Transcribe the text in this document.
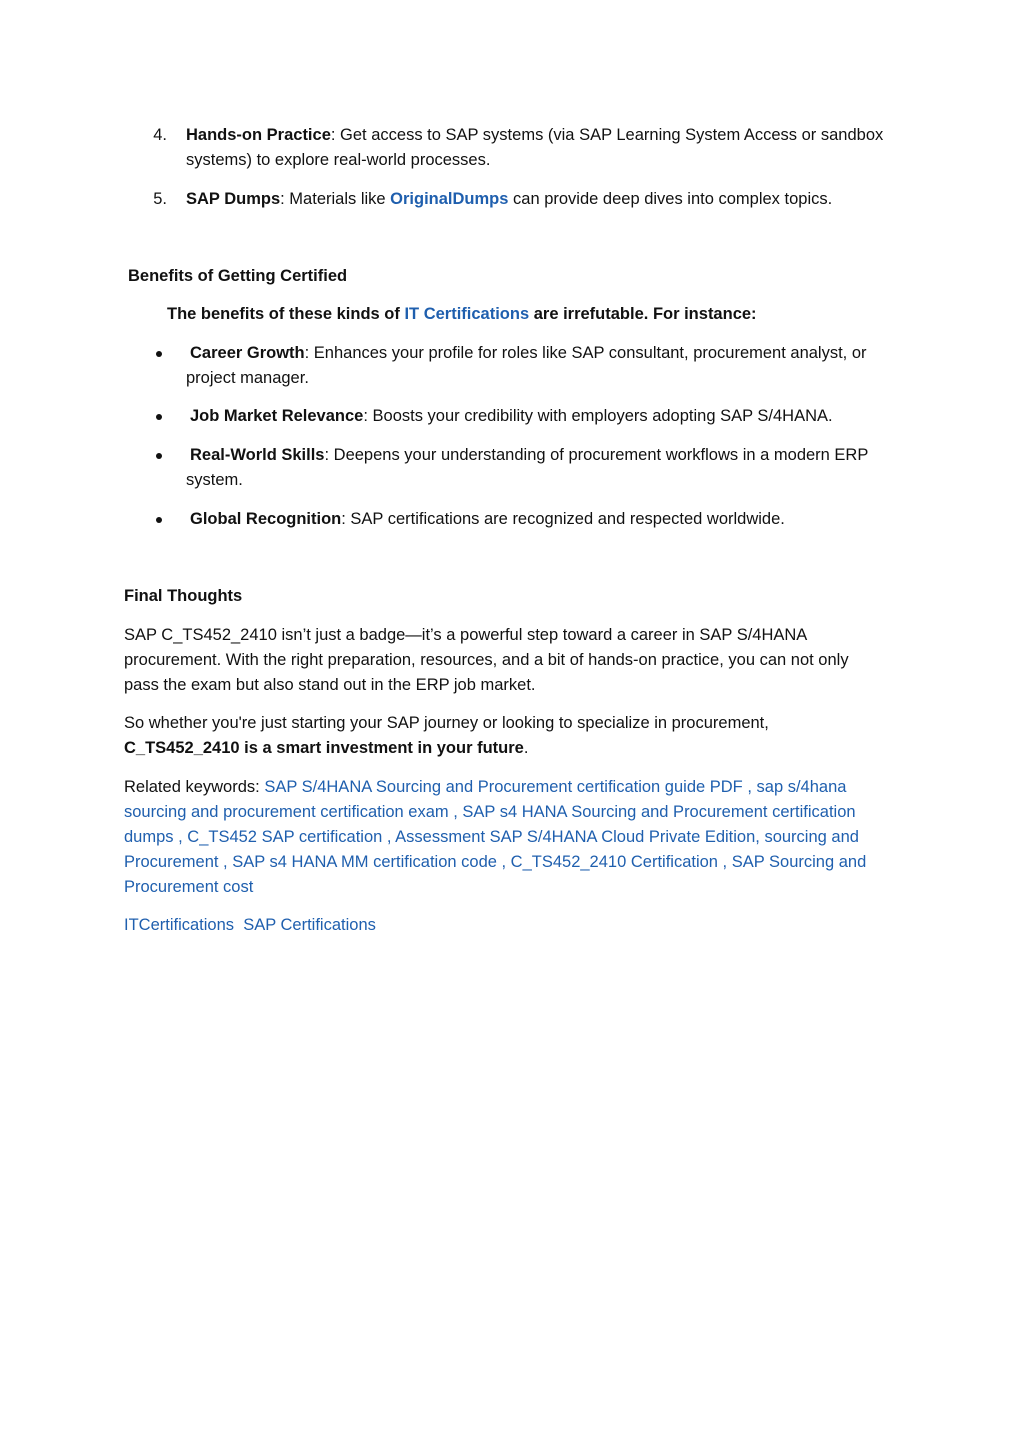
4. Hands-on Practice: Get access to SAP systems (via SAP Learning System Access or sandbox
systems) to explore real-world processes.
5. SAP Dumps: Materials like OriginalDumps can provide deep dives into complex topics.
Benefits of Getting Certified
The benefits of these kinds of IT Certifications are irrefutable. For instance:
Career Growth: Enhances your profile for roles like SAP consultant, procurement analyst, or
project manager.
Job Market Relevance: Boosts your credibility with employers adopting SAP S/4HANA.
Real-World Skills: Deepens your understanding of procurement workflows in a modern ERP
system.
Global Recognition: SAP certifications are recognized and respected worldwide.
Final Thoughts
SAP C_TS452_2410 isn’t just a badge—it’s a powerful step toward a career in SAP S/4HANA
procurement. With the right preparation, resources, and a bit of hands-on practice, you can not only
pass the exam but also stand out in the ERP job market.
So whether you're just starting your SAP journey or looking to specialize in procurement,
C_TS452_2410 is a smart investment in your future.
Related keywords: SAP S/4HANA Sourcing and Procurement certification guide PDF , sap s/4hana
sourcing and procurement certification exam , SAP s4 HANA Sourcing and Procurement certification
dumps , C_TS452 SAP certification , Assessment SAP S/4HANA Cloud Private Edition, sourcing and
Procurement , SAP s4 HANA MM certification code , C_TS452_2410 Certification , SAP Sourcing and
Procurement cost
ITCertifications SAP Certifications
